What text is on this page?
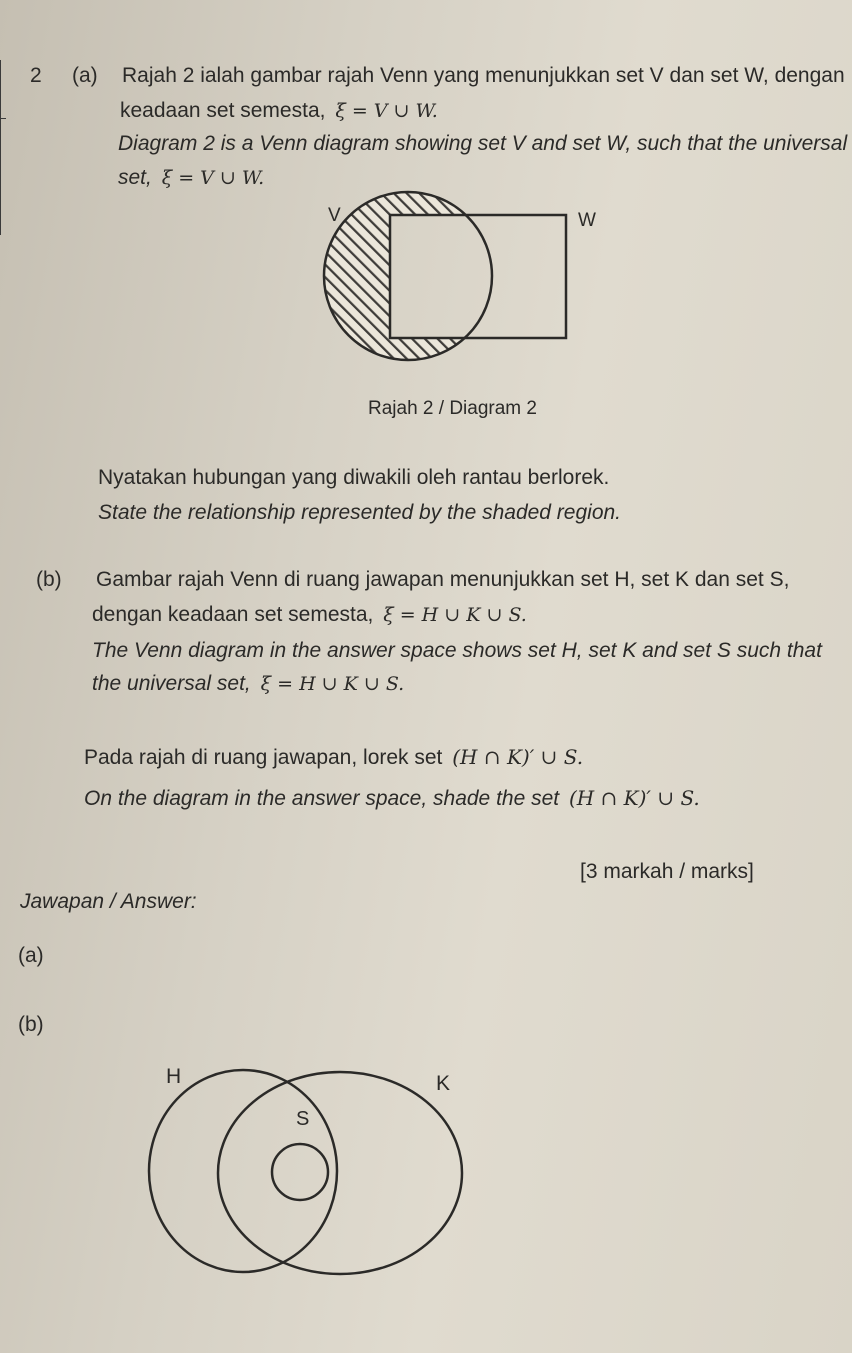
2 (a) Rajah 2 ialah gambar rajah Venn yang menunjukkan set V dan set W, dengan
keadaan set semesta, ξ = V ∪ W.
Diagram 2 is a Venn diagram showing set V and set W, such that the universal
set, ξ = V ∪ W.
V	W
Rajah 2 / Diagram 2
Nyatakan hubungan yang diwakili oleh rantau berlorek.
State the relationship represented by the shaded region.
(b) Gambar rajah Venn di ruang jawapan menunjukkan set H, set K dan set S,
dengan keadaan set semesta, ξ = H ∪ K ∪ S.
The Venn diagram in the answer space shows set H, set K and set S such that
the universal set, ξ = H ∪ K ∪ S.
Pada rajah di ruang jawapan, lorek set (H ∩ K)′ ∪ S.
On the diagram in the answer space, shade the set (H ∩ K)′ ∪ S.
[3 markah / marks]
Jawapan / Answer:
(a)
(b)
H	K
S
